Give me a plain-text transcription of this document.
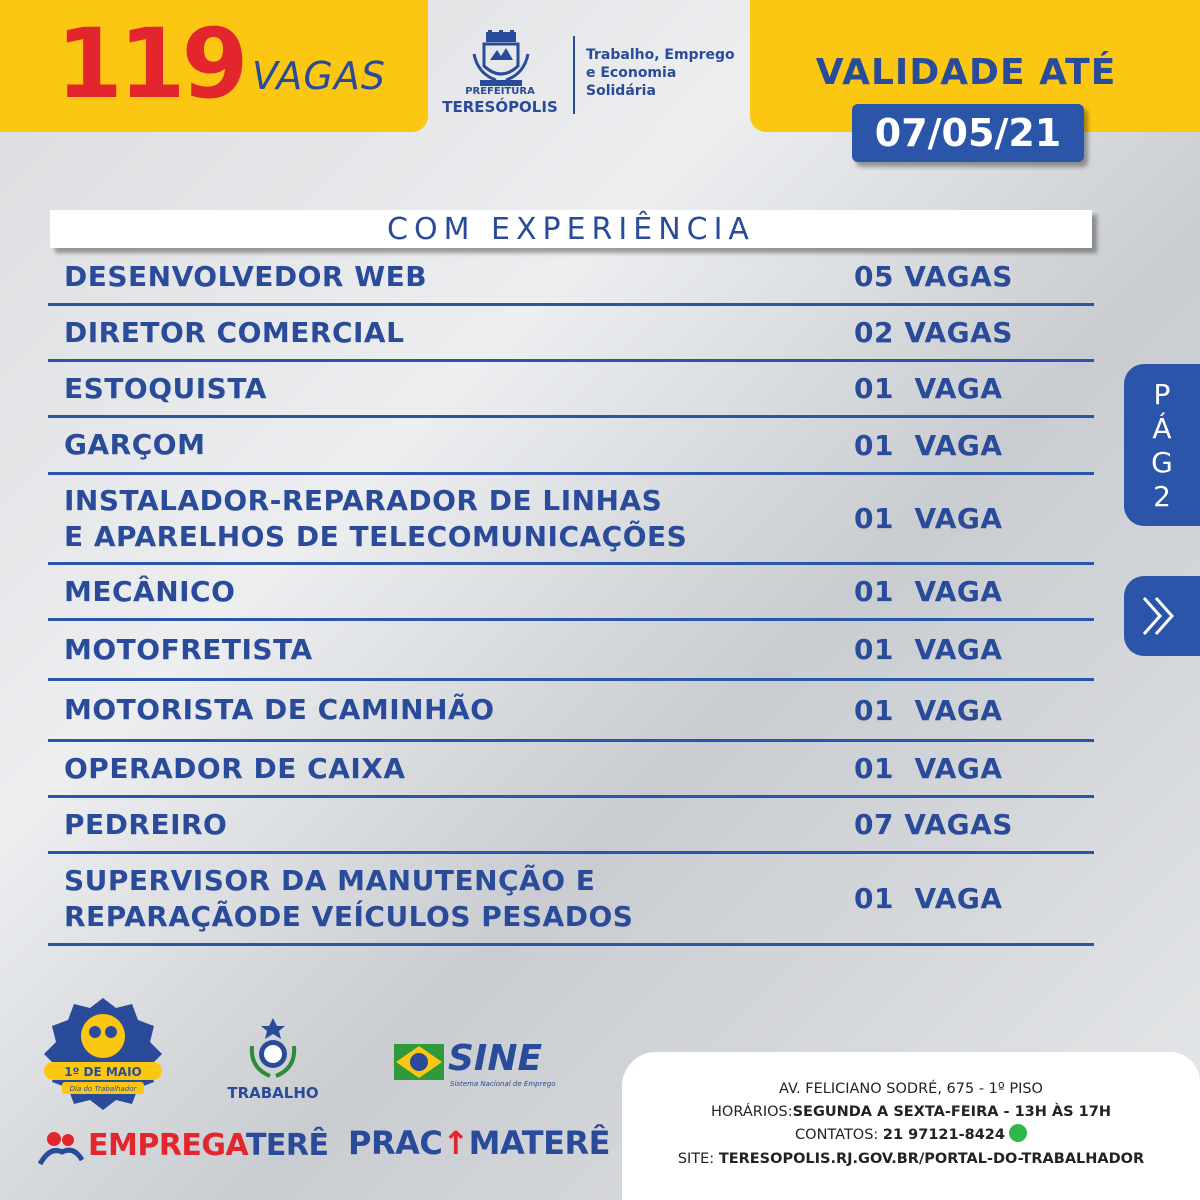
119 VAGAS	PREFEITURA
TERESÓPOLIS
Trabalho, Emprego
e Economia
Solidária	VALIDADE ATÉ
07/05/21
COM EXPERIÊNCIA
DESENVOLVEDOR WEB	05 VAGAS
DIRETOR COMERCIAL	02 VAGAS
ESTOQUISTA	01  VAGA
GARÇOM	01  VAGA
INSTALADOR-REPARADOR DE LINHAS
E APARELHOS DE TELECOMUNICAÇÕES
01  VAGA
MECÂNICO	01  VAGA
MOTOFRETISTA	01  VAGA
MOTORISTA DE CAMINHÃO	01  VAGA
OPERADOR DE CAIXA	01  VAGA
PEDREIRO	07 VAGAS
SUPERVISOR DA MANUTENÇÃO E
REPARAÇÃODE VEÍCULOS PESADOS
01  VAGA
P
Á
G
2
1º DE MAIO
Dia do Trabalhador	TRABALHO
SINE
Sistema Nacional de Emprego
EMPREGATERÊ PRAC↑MATERÊ
AV. FELICIANO SODRÉ, 675 - 1º PISO
HORÁRIOS:SEGUNDA A SEXTA-FEIRA - 13H ÀS 17H
CONTATOS: 21 97121-8424
SITE: TERESOPOLIS.RJ.GOV.BR/PORTAL-DO-TRABALHADOR
